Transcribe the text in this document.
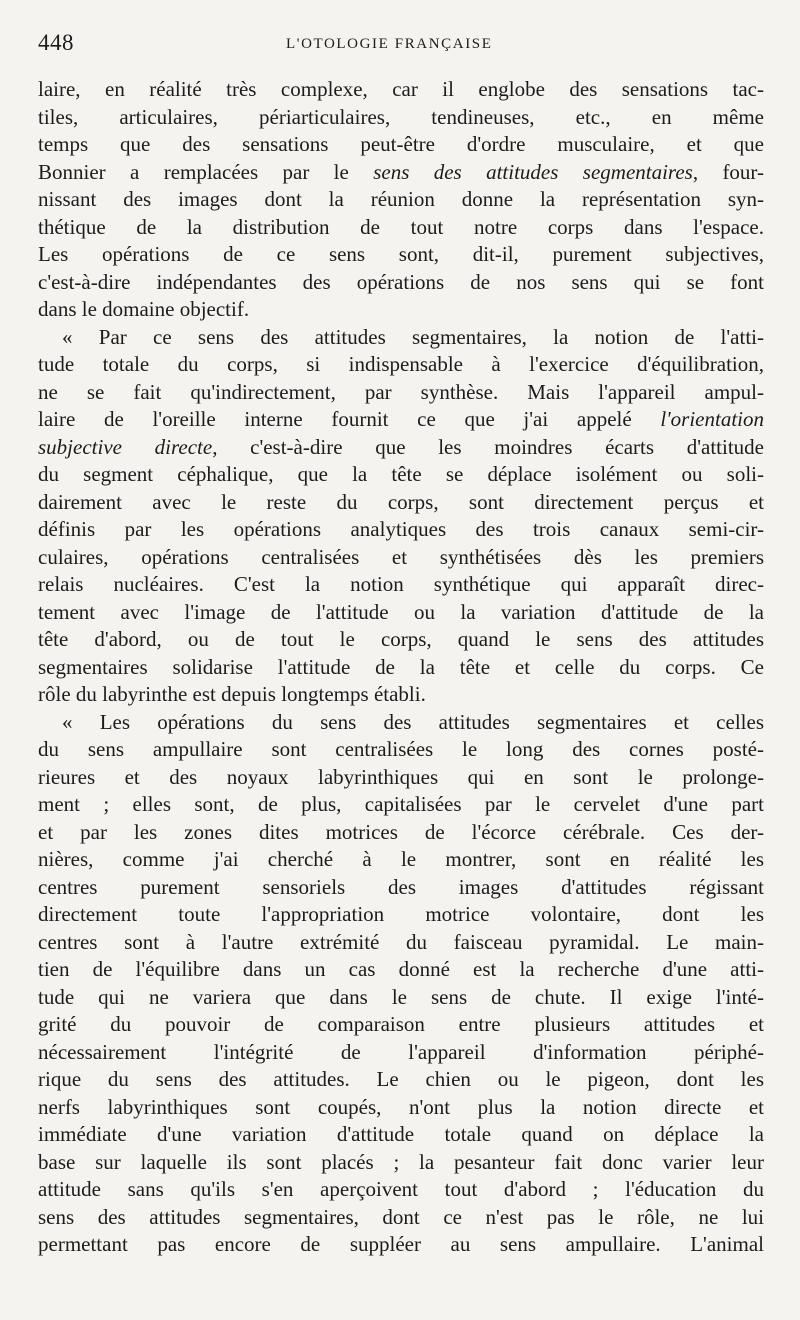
448	L'OTOLOGIE FRANÇAISE
laire, en réalité très complexe, car il englobe des sensations tac-
tiles, articulaires, périarticulaires, tendineuses, etc., en même
temps que des sensations peut-être d'ordre musculaire, et que
Bonnier a remplacées par le sens des attitudes segmentaires, four-
nissant des images dont la réunion donne la représentation syn-
thétique de la distribution de tout notre corps dans l'espace.
Les opérations de ce sens sont, dit-il, purement subjectives,
c'est-à-dire indépendantes des opérations de nos sens qui se font
dans le domaine objectif.
« Par ce sens des attitudes segmentaires, la notion de l'atti-
tude totale du corps, si indispensable à l'exercice d'équilibration,
ne se fait qu'indirectement, par synthèse. Mais l'appareil ampul-
laire de l'oreille interne fournit ce que j'ai appelé l'orientation
subjective directe, c'est-à-dire que les moindres écarts d'attitude
du segment céphalique, que la tête se déplace isolément ou soli-
dairement avec le reste du corps, sont directement perçus et
définis par les opérations analytiques des trois canaux semi-cir-
culaires, opérations centralisées et synthétisées dès les premiers
relais nucléaires. C'est la notion synthétique qui apparaît direc-
tement avec l'image de l'attitude ou la variation d'attitude de la
tête d'abord, ou de tout le corps, quand le sens des attitudes
segmentaires solidarise l'attitude de la tête et celle du corps. Ce
rôle du labyrinthe est depuis longtemps établi.
« Les opérations du sens des attitudes segmentaires et celles
du sens ampullaire sont centralisées le long des cornes posté-
rieures et des noyaux labyrinthiques qui en sont le prolonge-
ment ; elles sont, de plus, capitalisées par le cervelet d'une part
et par les zones dites motrices de l'écorce cérébrale. Ces der-
nières, comme j'ai cherché à le montrer, sont en réalité les
centres purement sensoriels des images d'attitudes régissant
directement toute l'appropriation motrice volontaire, dont les
centres sont à l'autre extrémité du faisceau pyramidal. Le main-
tien de l'équilibre dans un cas donné est la recherche d'une atti-
tude qui ne variera que dans le sens de chute. Il exige l'inté-
grité du pouvoir de comparaison entre plusieurs attitudes et
nécessairement l'intégrité de l'appareil d'information périphé-
rique du sens des attitudes. Le chien ou le pigeon, dont les
nerfs labyrinthiques sont coupés, n'ont plus la notion directe et
immédiate d'une variation d'attitude totale quand on déplace la
base sur laquelle ils sont placés ; la pesanteur fait donc varier leur
attitude sans qu'ils s'en aperçoivent tout d'abord ; l'éducation du
sens des attitudes segmentaires, dont ce n'est pas le rôle, ne lui
permettant pas encore de suppléer au sens ampullaire. L'animal
